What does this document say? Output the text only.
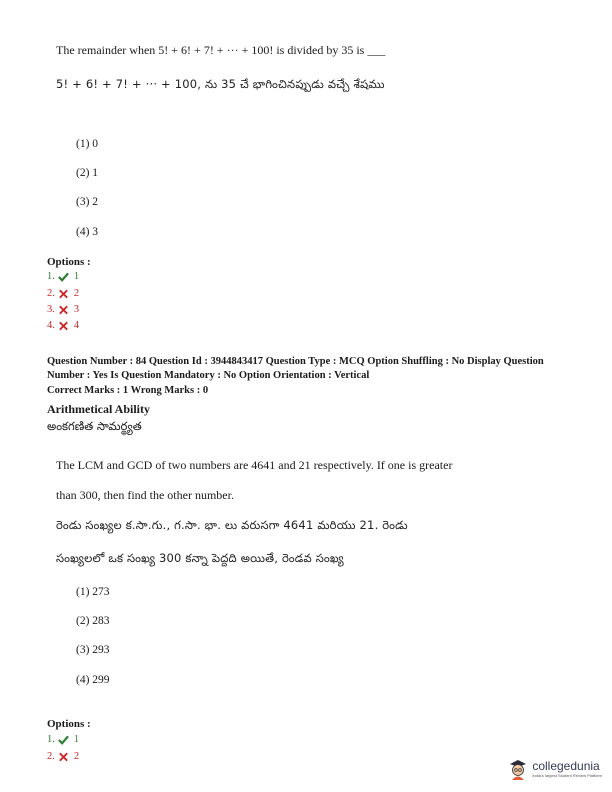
The remainder when 5! + 6! + 7! + ··· + 100! is divided by 35 is ___
5! + 6! + 7! + ··· + 100, ను 35 చే భాగించినప్పుడు వచ్చే శేషము
(1) 0
(2) 1
(3) 2
(4) 3
Options :
1. 1
2. 2
3. 3
4. 4
Question Number : 84 Question Id : 3944843417 Question Type : MCQ Option Shuffling : No Display Question
Number : Yes Is Question Mandatory : No Option Orientation : Vertical
Correct Marks : 1 Wrong Marks : 0
Arithmetical Ability
అంకగణిత సామర్థ్యత
The LCM and GCD of two numbers are 4641 and 21 respectively. If one is greater
than 300, then find the other number.
రెండు సంఖ్యల క.సా.గు., గ.సా. భా. లు వరుసగా 4641 మరియు 21. రెండు
సంఖ్యలలో ఒక సంఖ్య 300 కన్నా పెద్దది అయితే, రెండవ సంఖ్య
(1) 273
(2) 283
(3) 293
(4) 299
Options :
1. 1
2. 2
collegedunia
India's largest Student Review Platform
